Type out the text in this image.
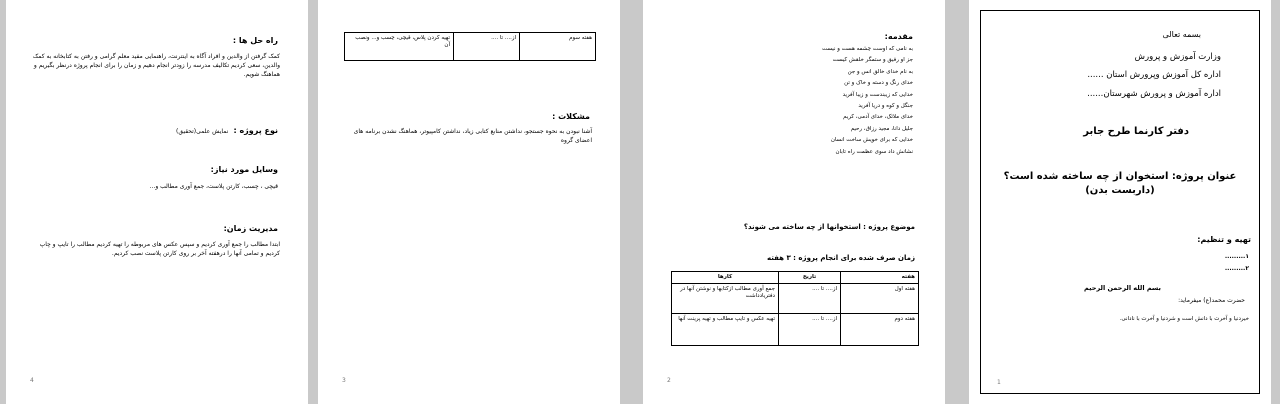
راه حل ها :
کمک گرفتن از والدین و افراد آگاه به اینترنت، راهنمایی مفید معلم گرامی و رفتن به کتابخانه به کمک والدین، سعی کردیم تکالیف مدرسه را زودتر انجام دهیم و زمان را برای انجام پروژه درنظر بگیریم و هماهنگ شویم.
نوع پروژه : نمایش علمی(تحقیق)
وسایل مورد نیاز:
قیچی ، چسب، کارتن پلاست، جمع آوری مطالب و...
مدیریت زمان:
ابتدا مطالب را جمع آوری کردیم و سپس عکس های مربوطه را تهیه کردیم مطالب را تایپ و چاپ کردیم و تمامی آنها را درهفته آخر بر روی کارتن پلاست نصب کردیم.
4
هفته سوم	از.... تا ....	تهیه کردن پلاس، قیچی، چسب و... ونصب آن
مشکلات :
آشنا نبودن به نحوه جستجو، نداشتن منابع کتابی زیاد، نداشتن کامپیوتر، هماهنگ نشدن برنامه های اعضای گروه
3
مقدمه:
به نامی که اوست چشمه هست و نیست
جز او رفیق و ستمگر خلقش کیست
به نام خدای خالق انس و جن
خدای رنگ و دسته و خاک و تن
خدایی که زیبندست و زیبا آفرید
جنگل و کوه و دریا آفرید
خدای ملائک، خدای آدمی، کریم
جلیل دانا، مجید رزاق، رحیم
خدایی که برای خویش ساخت انسان
نشانش داد سوی عظمت راه تابان
موضوع پروژه : استخوانها از چه ساخته می شوند؟
زمان صرف شده برای انجام پروژه : ۳ هفته
هفته	تاریخ	کارها
هفته اول	از.... تا ....	جمع آوری مطالب ازکتابها و نوشتن آنها در دفتریادداشت
هفته دوم	از.... تا ....	تهیه عکس و تایپ مطالب و تهیه پرینت آنها
2
بسمه تعالی
وزارت آموزش و پرورش
اداره کل آموزش وپرورش استان ......
اداره آموزش و پرورش شهرستان......
دفتر کارنما طرح جابر
عنوان پروژه: استخوان از چه ساخته شده است؟
(داربست بدن)
تهیه و تنظیم:
۱.........
۲.........
بسم الله الرحمن الرحیم
حضرت محمد(ع) میفرماید:
خیردنیا و آخرت با دانش است و شردنیا و آخرت با نادانی.
1
